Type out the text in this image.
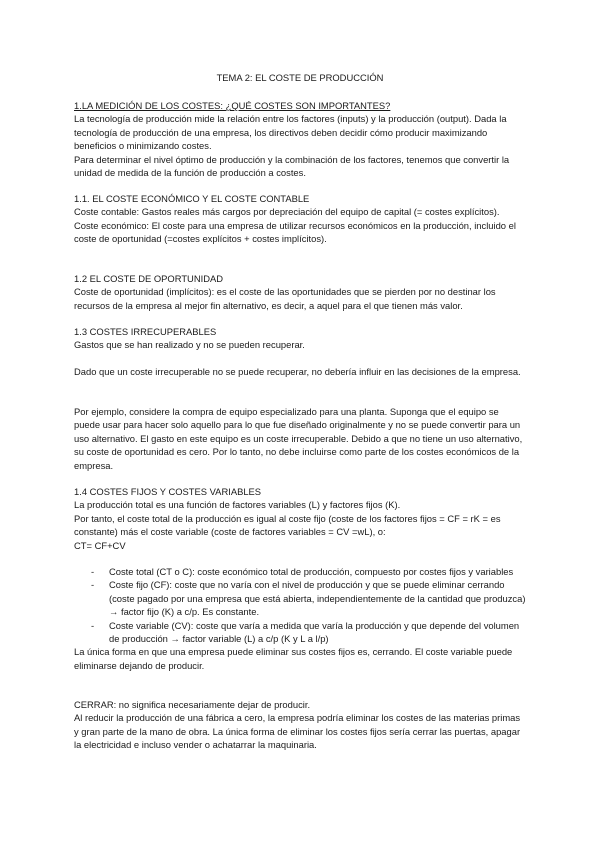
TEMA 2: EL COSTE DE PRODUCCIÓN

1.LA MEDICIÓN DE LOS COSTES: ¿QUÉ COSTES SON IMPORTANTES?

La tecnología de producción mide la relación entre los factores (inputs) y la producción (output). Dada la tecnología de producción de una empresa, los directivos deben decidir cómo producir maximizando beneficios o minimizando costes.

Para determinar el nivel óptimo de producción y la combinación de los factores, tenemos que convertir la unidad de medida de la función de producción a costes.

1.1. EL COSTE ECONÓMICO Y EL COSTE CONTABLE

Coste contable: Gastos reales más cargos por depreciación del equipo de capital (= costes explícitos).

Coste económico: El coste para una empresa de utilizar recursos económicos en la producción, incluido el coste de oportunidad (=costes explícitos + costes implícitos).

1.2 EL COSTE DE OPORTUNIDAD

Coste de oportunidad (implícitos): es el coste de las oportunidades que se pierden por no destinar los recursos de la empresa al mejor fin alternativo, es decir, a aquel para el que tienen más valor.

1.3 COSTES IRRECUPERABLES

Gastos que se han realizado y no se pueden recuperar.

Dado que un coste irrecuperable no se puede recuperar, no debería influir en las decisiones de la empresa.

Por ejemplo, considere la compra de equipo especializado para una planta. Suponga que el equipo se puede usar para hacer solo aquello para lo que fue diseñado originalmente y no se puede convertir para un uso alternativo. El gasto en este equipo es un coste irrecuperable. Debido a que no tiene un uso alternativo, su coste de oportunidad es cero. Por lo tanto, no debe incluirse como parte de los costes económicos de la empresa.

1.4 COSTES FIJOS Y COSTES VARIABLES

La producción total es una función de factores variables (L) y factores fijos (K).

Por tanto, el coste total de la producción es igual al coste fijo (coste de los factores fijos = CF = rK = es constante) más el coste variable (coste de factores variables = CV =wL), o:

CT= CF+CV

- Coste total (CT o C): coste económico total de producción, compuesto por costes fijos y variables
- Coste fijo (CF): coste que no varía con el nivel de producción y que se puede eliminar cerrando (coste pagado por una empresa que está abierta, independientemente de la cantidad que produzca) → factor fijo (K) a c/p. Es constante.
- Coste variable (CV): coste que varía a medida que varía la producción y que depende del volumen de producción → factor variable (L) a c/p (K y L a l/p)

La única forma en que una empresa puede eliminar sus costes fijos es, cerrando. El coste variable puede eliminarse dejando de producir.

CERRAR: no significa necesariamente dejar de producir.

Al reducir la producción de una fábrica a cero, la empresa podría eliminar los costes de las materias primas y gran parte de la mano de obra. La única forma de eliminar los costes fijos sería cerrar las puertas, apagar la electricidad e incluso vender o achatarrar la maquinaria.
